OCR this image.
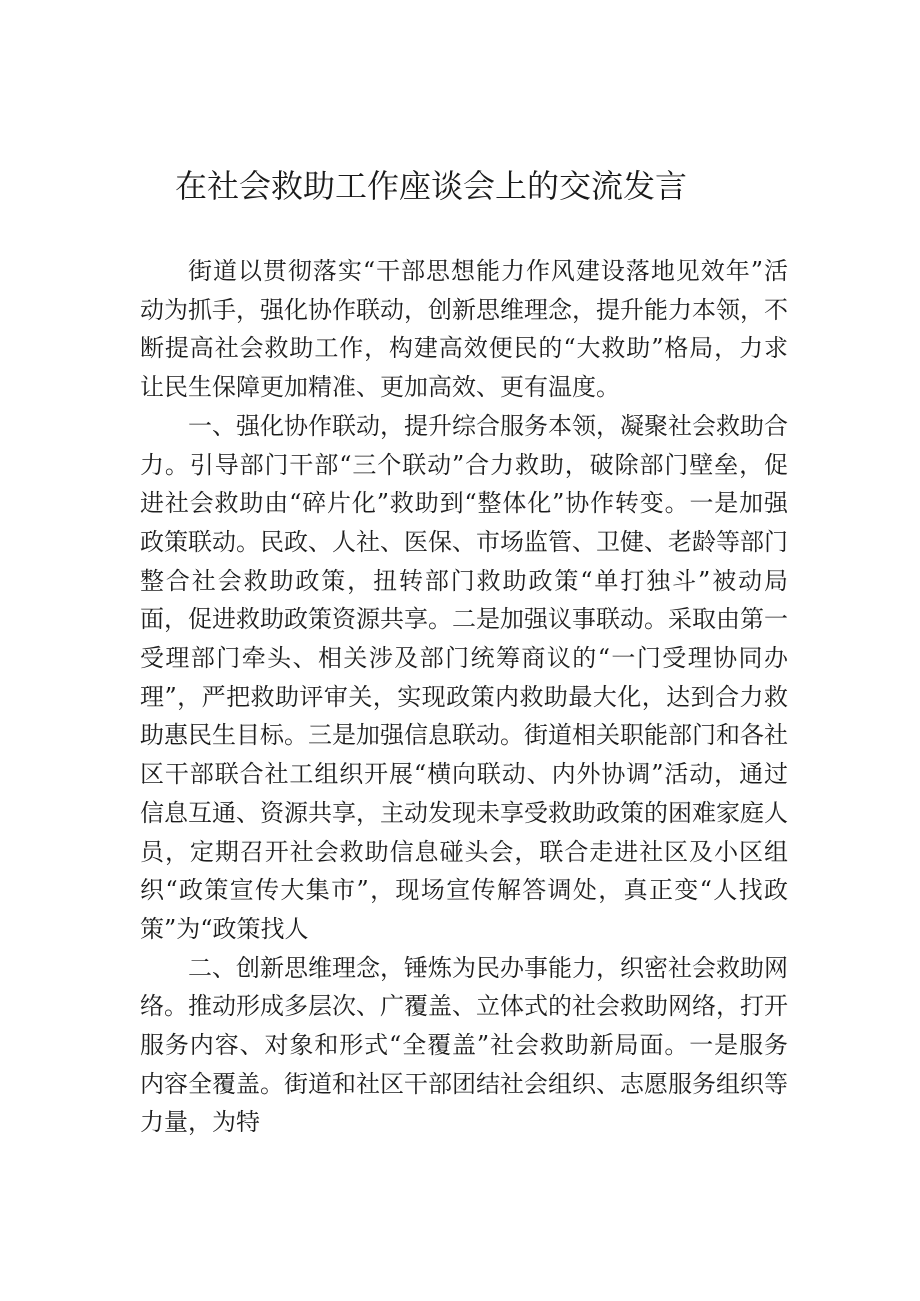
在社会救助工作座谈会上的交流发言

街道以贯彻落实“干部思想能力作风建设落地见效年”活动为抓手，强化协作联动，创新思维理念，提升能力本领，不断提高社会救助工作，构建高效便民的“大救助”格局，力求让民生保障更加精准、更加高效、更有温度。

一、强化协作联动，提升综合服务本领，凝聚社会救助合力。引导部门干部“三个联动”合力救助，破除部门壁垒，促进社会救助由“碎片化”救助到“整体化”协作转变。一是加强政策联动。民政、人社、医保、市场监管、卫健、老龄等部门整合社会救助政策，扭转部门救助政策“单打独斗”被动局面，促进救助政策资源共享。二是加强议事联动。采取由第一受理部门牵头、相关涉及部门统筹商议的“一门受理协同办理”，严把救助评审关，实现政策内救助最大化，达到合力救助惠民生目标。三是加强信息联动。街道相关职能部门和各社区干部联合社工组织开展“横向联动、内外协调”活动，通过信息互通、资源共享，主动发现未享受救助政策的困难家庭人员，定期召开社会救助信息碰头会，联合走进社区及小区组织“政策宣传大集市”，现场宣传解答调处，真正变“人找政策”为“政策找人

二、创新思维理念，锤炼为民办事能力，织密社会救助网络。推动形成多层次、广覆盖、立体式的社会救助网络，打开服务内容、对象和形式“全覆盖”社会救助新局面。一是服务内容全覆盖。街道和社区干部团结社会组织、志愿服务组织等力量，为特
